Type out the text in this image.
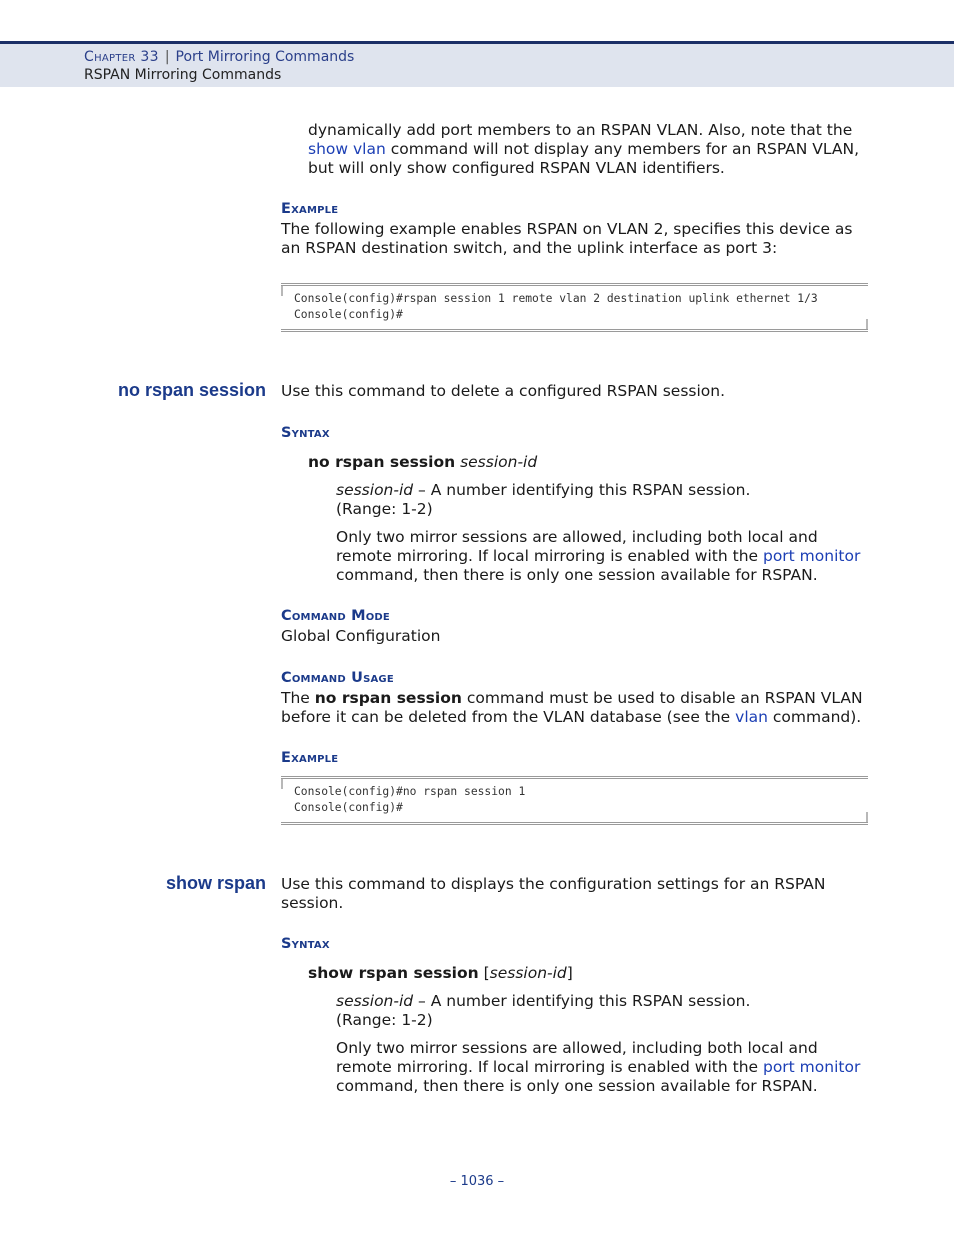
Chapter 33 | Port Mirroring Commands
RSPAN Mirroring Commands
dynamically add port members to an RSPAN VLAN. Also, note that the
show vlan command will not display any members for an RSPAN VLAN,
but will only show configured RSPAN VLAN identifiers.
Example
The following example enables RSPAN on VLAN 2, specifies this device as
an RSPAN destination switch, and the uplink interface as port 3:
Console(config)#rspan session 1 remote vlan 2 destination uplink ethernet 1/3
Console(config)#
no rspan session Use this command to delete a configured RSPAN session.
Syntax
no rspan session session-id
session-id – A number identifying this RSPAN session.
(Range: 1-2)
Only two mirror sessions are allowed, including both local and
remote mirroring. If local mirroring is enabled with the port monitor
command, then there is only one session available for RSPAN.
Command Mode
Global Configuration
Command Usage
The no rspan session command must be used to disable an RSPAN VLAN
before it can be deleted from the VLAN database (see the vlan command).
Example
Console(config)#no rspan session 1
Console(config)#
show rspan Use this command to displays the configuration settings for an RSPAN
session.
Syntax
show rspan session [session-id]
session-id – A number identifying this RSPAN session.
(Range: 1-2)
Only two mirror sessions are allowed, including both local and
remote mirroring. If local mirroring is enabled with the port monitor
command, then there is only one session available for RSPAN.
– 1036 –
